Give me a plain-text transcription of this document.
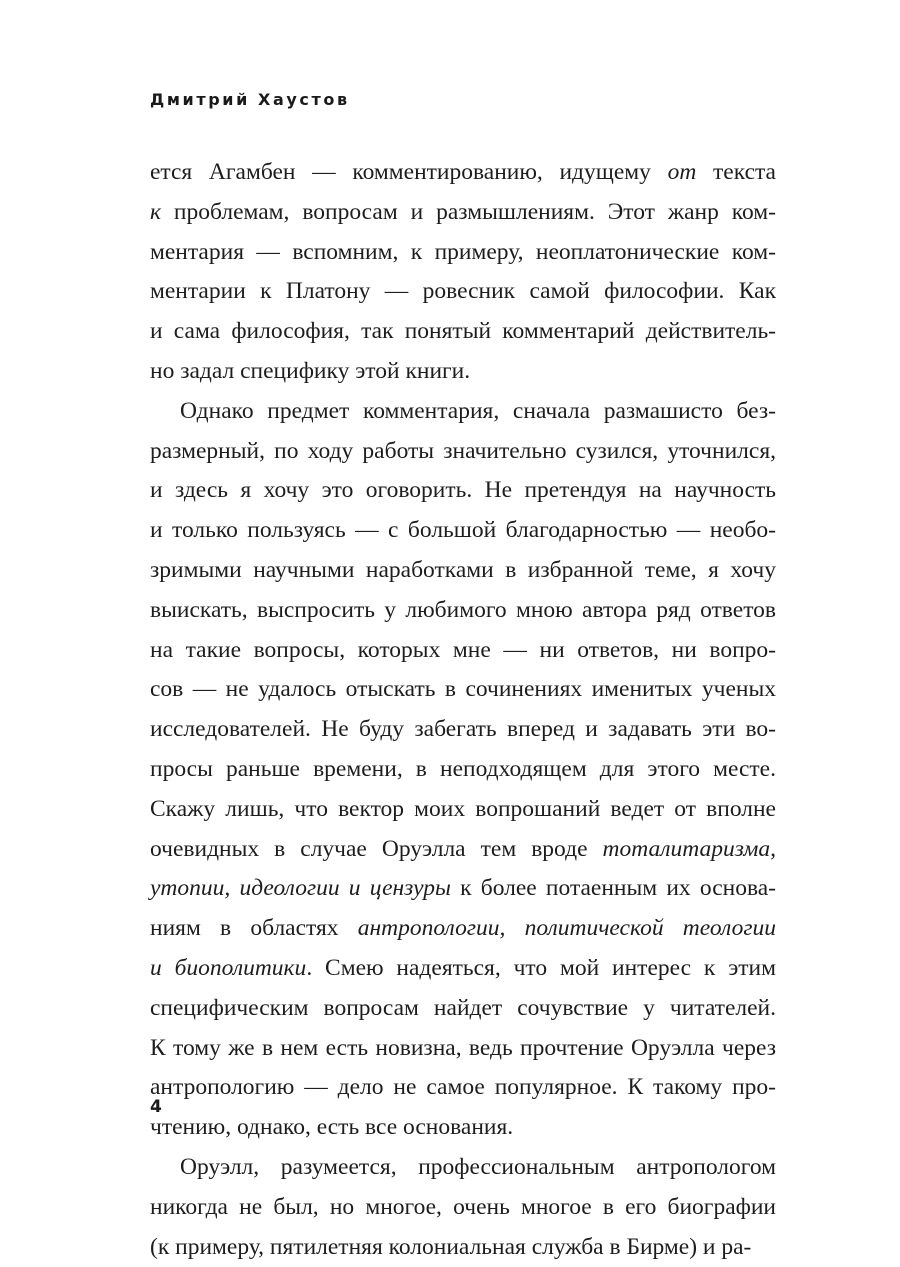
Дмитрий Хаустов
ется Агамбен — комментированию, идущему от текста
к проблемам, вопросам и размышлениям. Этот жанр ком-
ментария — вспомним, к примеру, неоплатонические ком-
ментарии к Платону — ровесник самой философии. Как
и сама философия, так понятый комментарий действитель-
но задал специфику этой книги.
Однако предмет комментария, сначала размашисто без-
размерный, по ходу работы значительно сузился, уточнился,
и здесь я хочу это оговорить. Не претендуя на научность
и только пользуясь — с большой благодарностью — необо-
зримыми научными наработками в избранной теме, я хочу
выискать, выспросить у любимого мною автора ряд ответов
на такие вопросы, которых мне — ни ответов, ни вопро-
сов — не удалось отыскать в сочинениях именитых ученых
исследователей. Не буду забегать вперед и задавать эти во-
просы раньше времени, в неподходящем для этого месте.
Скажу лишь, что вектор моих вопрошаний ведет от вполне
очевидных в случае Оруэлла тем вроде тоталитаризма,
утопии, идеологии и цензуры к более потаенным их основа-
ниям в областях антропологии, политической теологии
и биополитики. Смею надеяться, что мой интерес к этим
специфическим вопросам найдет сочувствие у читателей.
К тому же в нем есть новизна, ведь прочтение Оруэлла через
антропологию — дело не самое популярное. К такому про-
чтению, однако, есть все основания.
Оруэлл, разумеется, профессиональным антропологом
никогда не был, но многое, очень многое в его биографии
(к примеру, пятилетняя колониальная служба в Бирме) и ра-
4
